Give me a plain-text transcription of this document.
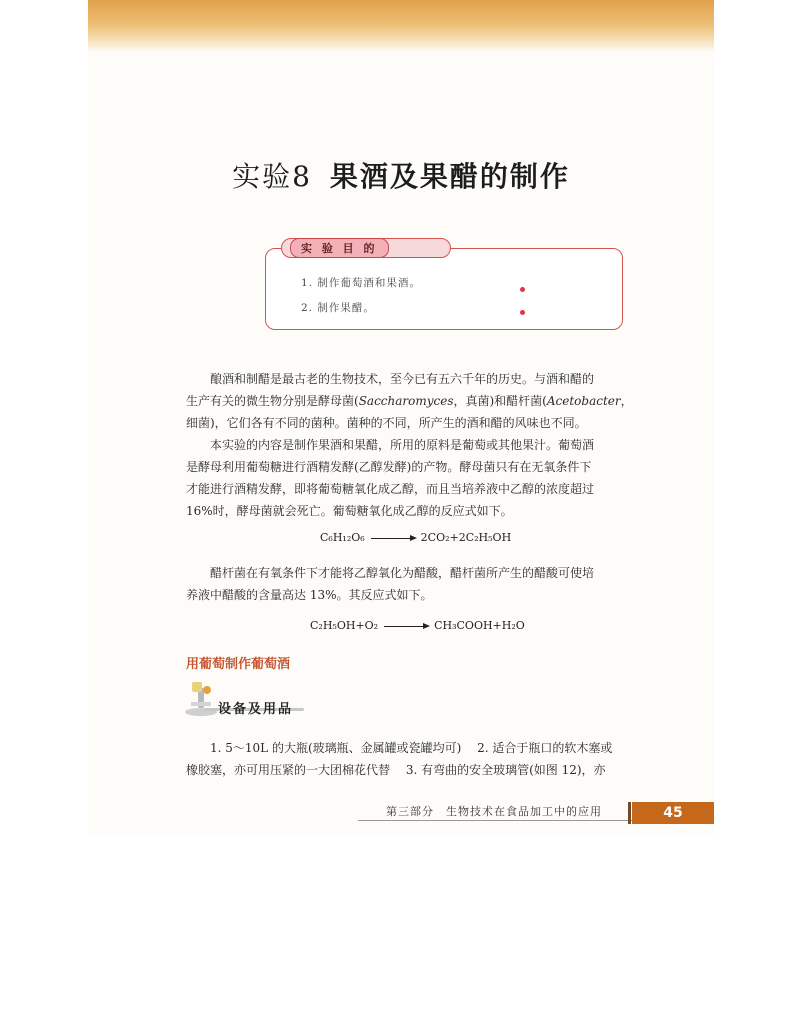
实验8 果酒及果醋的制作
实 验 目 的
1. 制作葡萄酒和果酒。
2. 制作果醋。
酿酒和制醋是最古老的生物技术，至今已有五六千年的历史。与酒和醋的
生产有关的微生物分别是酵母菌(Saccharomyces，真菌)和醋杆菌(Acetobacter，
细菌)，它们各有不同的菌种。菌种的不同，所产生的酒和醋的风味也不同。
本实验的内容是制作果酒和果醋，所用的原料是葡萄或其他果汁。葡萄酒
是酵母利用葡萄糖进行酒精发酵(乙醇发酵)的产物。酵母菌只有在无氧条件下
才能进行酒精发酵，即将葡萄糖氧化成乙醇，而且当培养液中乙醇的浓度超过
16%时，酵母菌就会死亡。葡萄糖氧化成乙醇的反应式如下。
C₆H₁₂O₆ → 2CO₂+2C₂H₅OH
醋杆菌在有氧条件下才能将乙醇氧化为醋酸，醋杆菌所产生的醋酸可使培
养液中醋酸的含量高达 13%。其反应式如下。
C₂H₅OH+O₂ → CH₃COOH+H₂O
用葡萄制作葡萄酒
设备及用品
1. 5～10L 的大瓶(玻璃瓶、金属罐或瓷罐均可)　 2. 适合于瓶口的软木塞或
橡胶塞，亦可用压紧的一大团棉花代替　 3. 有弯曲的安全玻璃管(如图 12)，亦
第三部分　生物技术在食品加工中的应用	45
